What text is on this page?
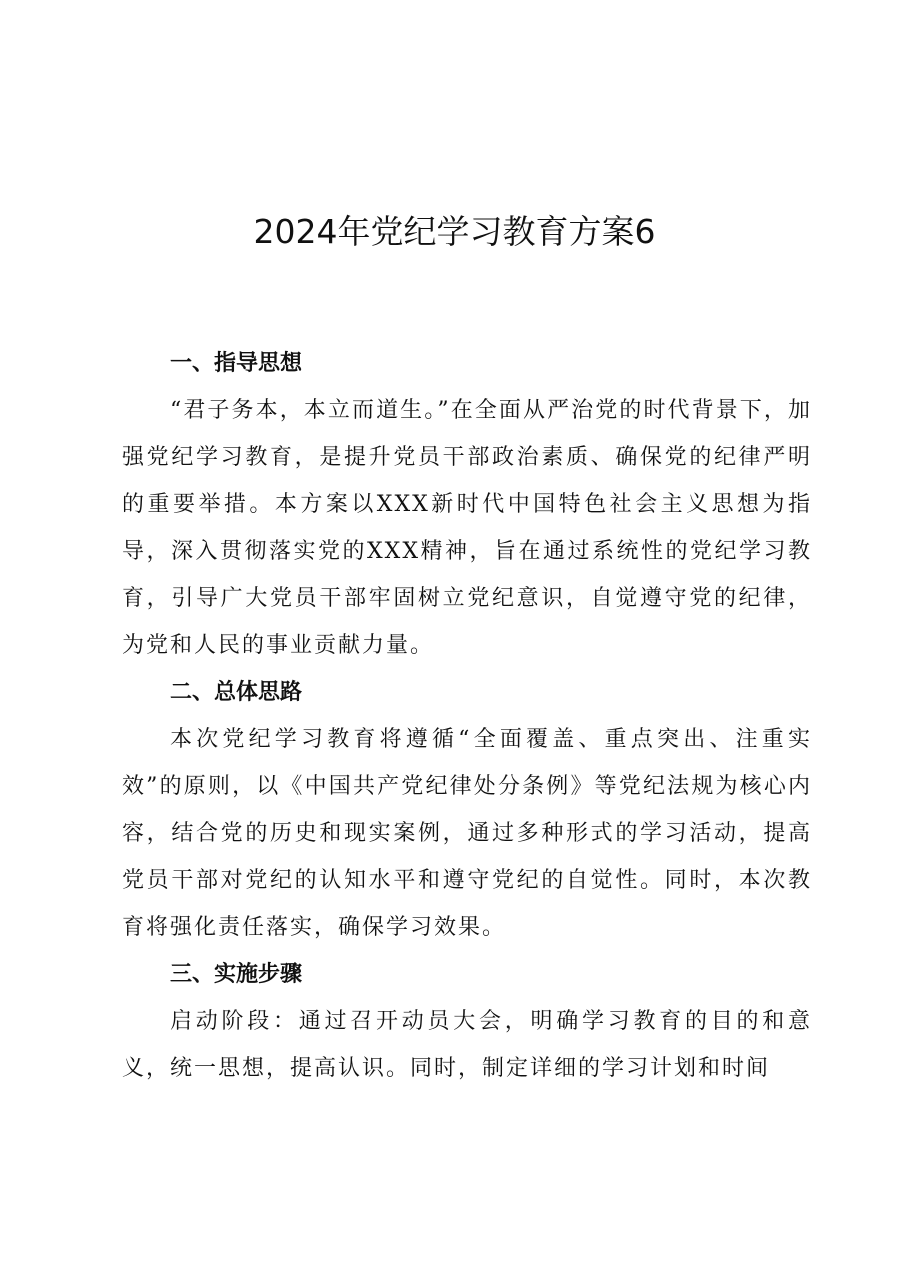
2024年党纪学习教育方案6
一、指导思想

“君子务本，本立而道生。”在全面从严治党的时代背景下，加强党纪学习教育，是提升党员干部政治素质、确保党的纪律严明的重要举措。本方案以XXX新时代中国特色社会主义思想为指导，深入贯彻落实党的XXX精神，旨在通过系统性的党纪学习教育，引导广大党员干部牢固树立党纪意识，自觉遵守党的纪律，为党和人民的事业贡献力量。

二、总体思路

本次党纪学习教育将遵循“全面覆盖、重点突出、注重实效”的原则，以《中国共产党纪律处分条例》等党纪法规为核心内容，结合党的历史和现实案例，通过多种形式的学习活动，提高党员干部对党纪的认知水平和遵守党纪的自觉性。同时，本次教育将强化责任落实，确保学习效果。

三、实施步骤

启动阶段：通过召开动员大会，明确学习教育的目的和意义，统一思想，提高认识。同时，制定详细的学习计划和时间
